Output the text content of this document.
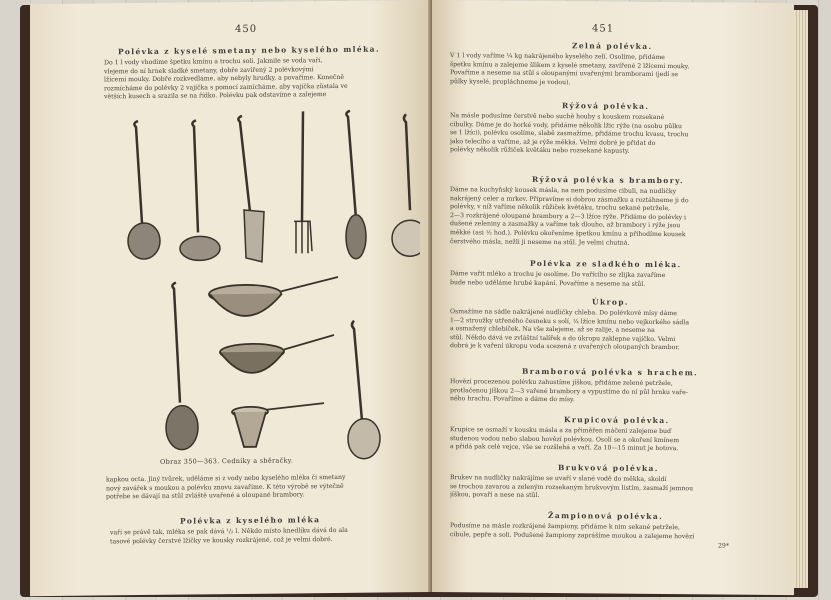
450
Polévka z kyselé smetany nebo kyselého mléka.
Do 1 l vody vhodíme špetku kmínu a trochu soli. Jakmile se voda vaří,
vlejeme do ní hrnek sladké smetany, dobře zavířený 2 polévkovými
lžícemi mouky. Dobře rozkvedláme, aby nebyly hrudky, a povaříme. Konečně
rozmícháme do polévky 2 vajíčka s pomocí zamícháme, aby vajíčka zůstala ve
větších kusech a srazila se na řídko. Polévku pak odstavíme a zalejeme
Obraz 350—363. Cedníky a sběračky.
kapkou octa. Jiný tvůrek, uděláme si z vody nebo kyselého mléka či smetany
nový zavářek s moukou a polévku znovu zavaříme. K této výrobě se výtečně
potřebe se dávají na stůl zvláště uvařené a oloupané brambory.
Polévka z kyselého mléka
vaří se právě tak, mléka se pak dává ¹/₂ l. Někdo místo knedlíku dává do ala
tasové polévky čerstvé lžíčky ve kousky rozkrájené, což je velmi dobré.
451
Zelná polévka.
V 1 l vody vaříme ¼ kg nakrájeného kyselého zelí. Osolíme, přidáme
špetku kmínu a zalejeme šlikem z kyselé smetany, zavířené 2 lžícemi mouky.
Povaříme a neseme na stůl s oloupanými uvařenými bramborami (jedí se
půlky kyselé, propláchneme je vodou).
Rýžová polévka.
Na másle podusíme čerstvě nebo suchě houby s kouskem rozsekané
cibulky. Dáme je do horké vody, přidáme několik lžic rýže (na osobu půlku
se 1 lžíci), polévku osolíme, slabě zasmažíme, přidáme trochu kvasu, trochu
jako telecího a vaříme, až je rýže měkká. Velmi dobré je přidat do
polévky několik růžiček květáku nebo rozsekané kapusty.
Rýžová polévka s brambory.
Dáme na kuchyňský kousek másla, na nem podusíme cibuli, na nudličky
nakrájený celer a mrkev. Připravíme si dobrou zásmažku a roztáhneme ji do
polévky, v níž vaříme několik růžiček květáku, trochu sekané petržele,
2—3 rozkrájené oloupané brambory a 2—3 lžíce rýže. Přidáme do polévky i
dušené zeleniny a zasmažky a vaříme tak dlouho, až brambory i rýže jsou
měkké (asi ½ hod.). Polévku okořeníme špetkou kmínu a přihodíme kousek
čerstvého másla, nežli ji neseme na stůl. Je velmi chutná.
Polévka ze sladkého mléka.
Dáme vařit mléko a trochu je osolíme. Do vařícího se zlijka zavaříme
bude nebo uděláme hrubé kapání. Povaříme a neseme na stůl.
Úkrop.
Osmažíme na sádle nakrájené nudličky chleba. Do polévkové mísy dáme
1—2 stroužky utřeného česneku s solí, ¼ lžíce kmínu nebo vejkorkého sádla
a osmažený chlebíček. Na vše zalejeme, až se zalije, a neseme na
stůl. Někdo dává ve zvláštní talířek a do úkropu zaklepne vajíčko. Velmi
dobrá je k vaření úkropu voda scezená z uvařených oloupaných brambor.
Bramborová polévka s hrachem.
Hovězí procezenou polévku zahustíme jíškou, přidáme zelené petržele,
protlačenou jíškou 2—3 vařené brambory a vypustíme do ní půl hrnku vaře-
ného hrachu. Povaříme a dáme do mísy.
Krupicová polévka.
Krupice se osmaží v kousku másla a za přiměřen máčení zalejeme buď
studenou vodou nebo slabou hovězí polévkou. Osolí se a okoření kmínem
a přidá pak celé vejce, vše se rozšlehá a vaří. Za 10—15 minut je hotova.
Brukvová polévka.
Brukev na nudličky nakrájíme se uvaří v slané vodě do měkka, skoldí
se trochou zavarou a zeleným rozsekaným brukvovým listím, zasmaží jemnou
jíškou, povaří a nese na stůl.
Žampionová polévka.
Podusíme na másle rozkrájené žampiony, přidáme k nim sekané petržele,
cibule, pepře a soli. Podušené žampiony zaprášíme moukou a zalejeme hovězí
29*
